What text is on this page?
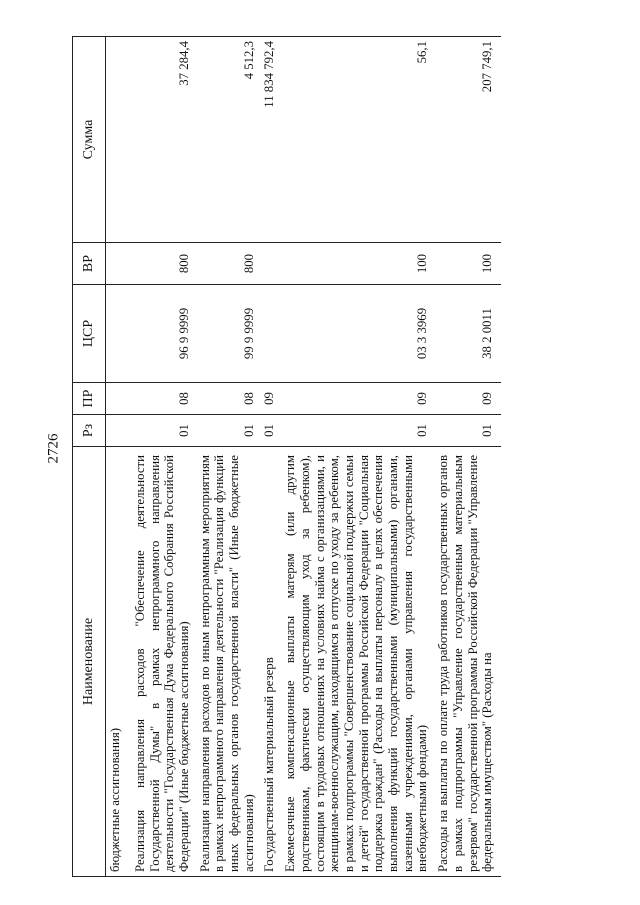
2726
Наименование	Рз	ПР	ЦСР	ВР	Сумма
бюджетные ассигнования)					
Реализация направления расходов "Обеспечение деятельности Государственной Думы" в рамках непрограммного направления деятельности "Государственная Дума Федерального Собрания Российской Федерации" (Иные бюджетные ассигнования)	01	08	96 9 9999	800	37 284,4
Реализация направления расходов по иным непрограммным мероприятиям в рамках непрограммного направления деятельности "Реализация функций иных федеральных органов государственной власти" (Иные бюджетные ассигнования)	01	08	99 9 9999	800	4 512,3
Государственный материальный резерв	01	09			11 834 792,4
Ежемесячные компенсационные выплаты матерям (или другим родственникам, фактически осуществляющим уход за ребенком), состоящим в трудовых отношениях на условиях найма с организациями, и женщинам-военнослужащим, находящимся в отпуске по уходу за ребенком, в рамках подпрограммы "Совершенствование социальной поддержки семьи и детей" государственной программы Российской Федерации "Социальная поддержка граждан" (Расходы на выплаты персоналу в целях обеспечения выполнения функций государственными (муниципальными) органами, казенными учреждениями, органами управления государственными внебюджетными фондами)	01	09	03 3 3969	100	56,1
Расходы на выплаты по оплате труда работников государственных органов в рамках подпрограммы "Управление государственным материальным резервом" государственной программы Российской Федерации "Управление федеральным имуществом" (Расходы на	01	09	38 2 0011	100	207 749,1
